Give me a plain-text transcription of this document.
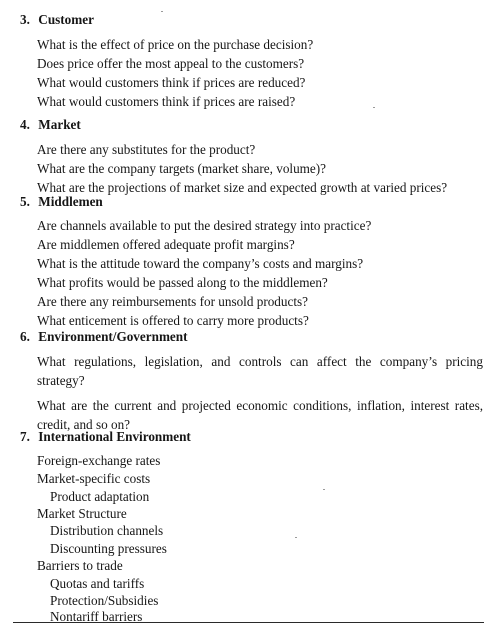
3. Customer
What is the effect of price on the purchase decision?
Does price offer the most appeal to the customers?
What would customers think if prices are reduced?
What would customers think if prices are raised?
4. Market
Are there any substitutes for the product?
What are the company targets (market share, volume)?
What are the projections of market size and expected growth at varied prices?
5. Middlemen
Are channels available to put the desired strategy into practice?
Are middlemen offered adequate profit margins?
What is the attitude toward the company’s costs and margins?
What profits would be passed along to the middlemen?
Are there any reimbursements for unsold products?
What enticement is offered to carry more products?
6. Environment/Government
What regulations, legislation, and controls can affect the company’s pricing strategy?
What are the current and projected economic conditions, inflation, interest rates, credit, and so on?
7. International Environment
Foreign-exchange rates
Market-specific costs
Product adaptation
Market Structure
Distribution channels
Discounting pressures
Barriers to trade
Quotas and tariffs
Protection/Subsidies
Nontariff barriers
